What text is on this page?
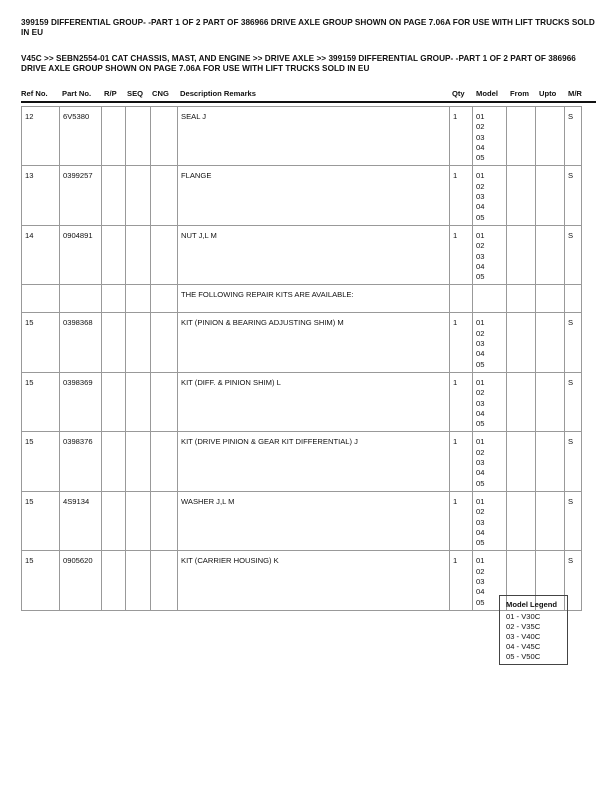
399159 DIFFERENTIAL GROUP- -PART 1 OF 2 PART OF 386966 DRIVE AXLE GROUP SHOWN ON PAGE 7.06A FOR USE WITH LIFT TRUCKS SOLD IN EU
V45C >> SEBN2554-01 CAT CHASSIS, MAST, AND ENGINE >> DRIVE AXLE >> 399159 DIFFERENTIAL GROUP- -PART 1 OF 2 PART OF 386966 DRIVE AXLE GROUP SHOWN ON PAGE 7.06A FOR USE WITH LIFT TRUCKS SOLD IN EU
Ref No. Part No. R/P SEQ CNG Description Remarks	Qty Model From Upto M/R
12	6V5380				SEAL J	1	01
02
03
04
05			S
13	0399257				FLANGE	1	01
02
03
04
05			S
14	0904891				NUT J,L M	1	01
02
03
04
05			S
					THE FOLLOWING REPAIR KITS ARE AVAILABLE:					
15	0398368				KIT (PINION & BEARING ADJUSTING SHIM) M	1	01
02
03
04
05			S
15	0398369				KIT (DIFF. & PINION SHIM) L	1	01
02
03
04
05			S
15	0398376				KIT (DRIVE PINION & GEAR KIT DIFFERENTIAL) J	1	01
02
03
04
05			S
15	4S9134				WASHER J,L M	1	01
02
03
04
05			S
15	0905620				KIT (CARRIER HOUSING) K	1	01
02
03
04
05			S
Model Legend
01 - V30C
02 - V35C
03 - V40C
04 - V45C
05 - V50C
